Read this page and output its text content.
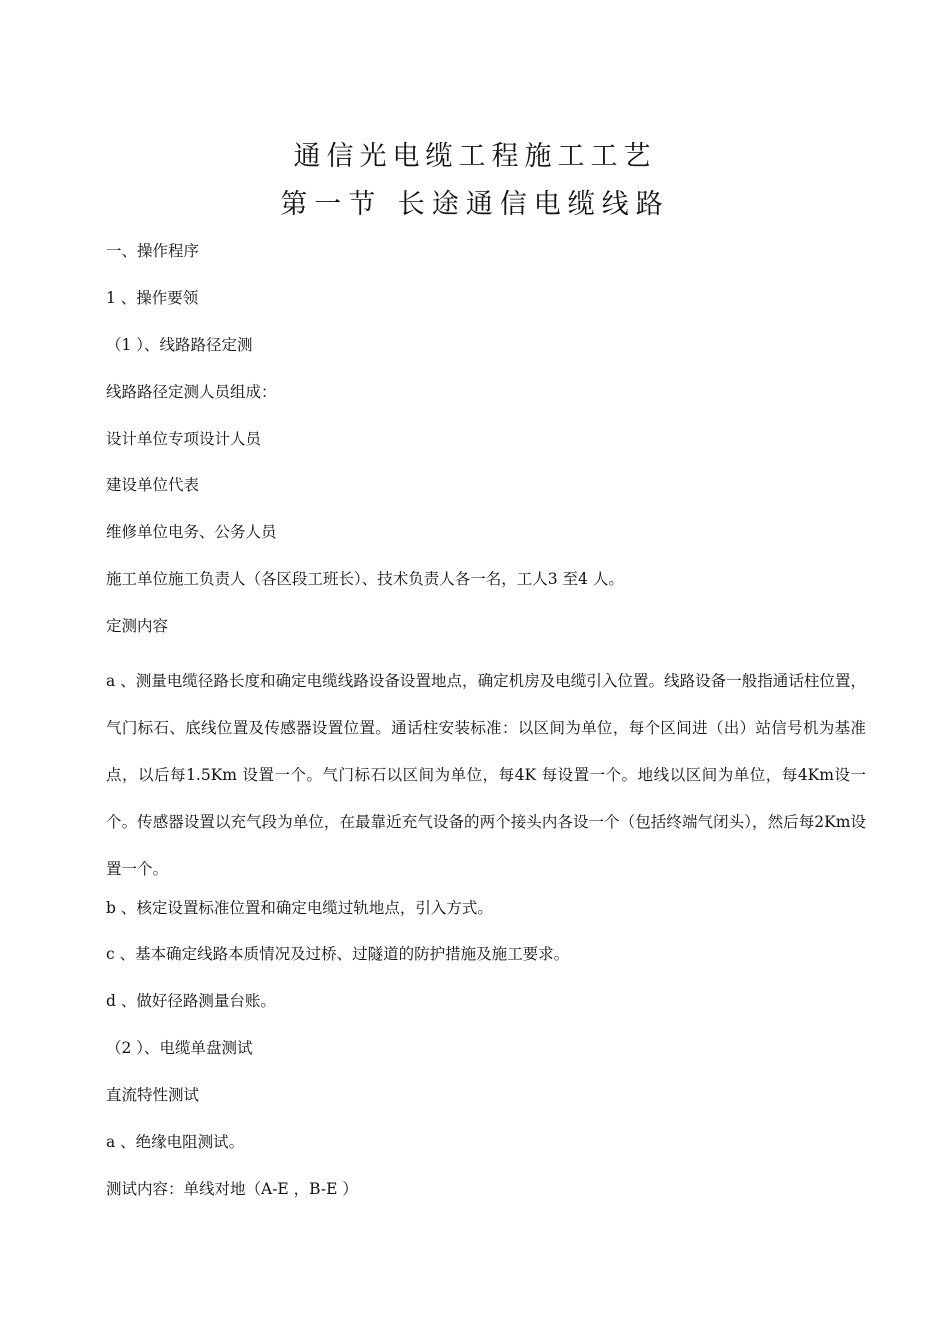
通信光电缆工程施工工艺
第一节 长途通信电缆线路
一、操作程序
1 、操作要领
（1 ）、线路路径定测
线路路径定测人员组成：
设计单位专项设计人员
建设单位代表
维修单位电务、公务人员
施工单位施工负责人（各区段工班长）、技术负责人各一名，工人3 至4 人。
定测内容
a 、测量电缆径路长度和确定电缆线路设备设置地点，确定机房及电缆引入位置。线路设备一般指通话柱位置，气门标石、底线位置及传感器设置位置。通话柱安装标准：以区间为单位，每个区间进（出）站信号机为基准点，以后每1.5Km 设置一个。气门标石以区间为单位，每4K 每设置一个。地线以区间为单位，每4Km设一个。传感器设置以充气段为单位，在最靠近充气设备的两个接头内各设一个（包括终端气闭头），然后每2Km设置一个。
b 、核定设置标准位置和确定电缆过轨地点，引入方式。
c 、基本确定线路本质情况及过桥、过隧道的防护措施及施工要求。
d 、做好径路测量台账。
（2 ）、电缆单盘测试
直流特性测试
a 、绝缘电阻测试。
测试内容：单线对地（A-E ，B-E ）
